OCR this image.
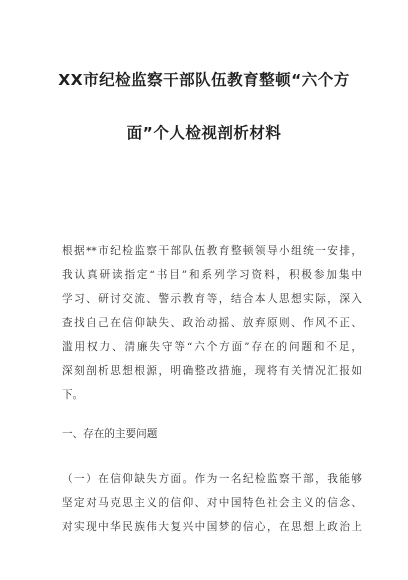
XX市纪检监察干部队伍教育整顿“六个方
面”个人检视剖析材料
根据**市纪检监察干部队伍教育整顿领导小组统一安排，
我认真研读指定“书目”和系列学习资料，积极参加集中
学习、研讨交流、警示教育等，结合本人思想实际，深入
查找自己在信仰缺失、政治动摇、放弃原则、作风不正、
滥用权力、清廉失守等“六个方面”存在的问题和不足，
深刻剖析思想根源，明确整改措施，现将有关情况汇报如
下。
一、存在的主要问题
（一）在信仰缺失方面。作为一名纪检监察干部，我能够
坚定对马克思主义的信仰、对中国特色社会主义的信念、
对实现中华民族伟大复兴中国梦的信心，在思想上政治上
